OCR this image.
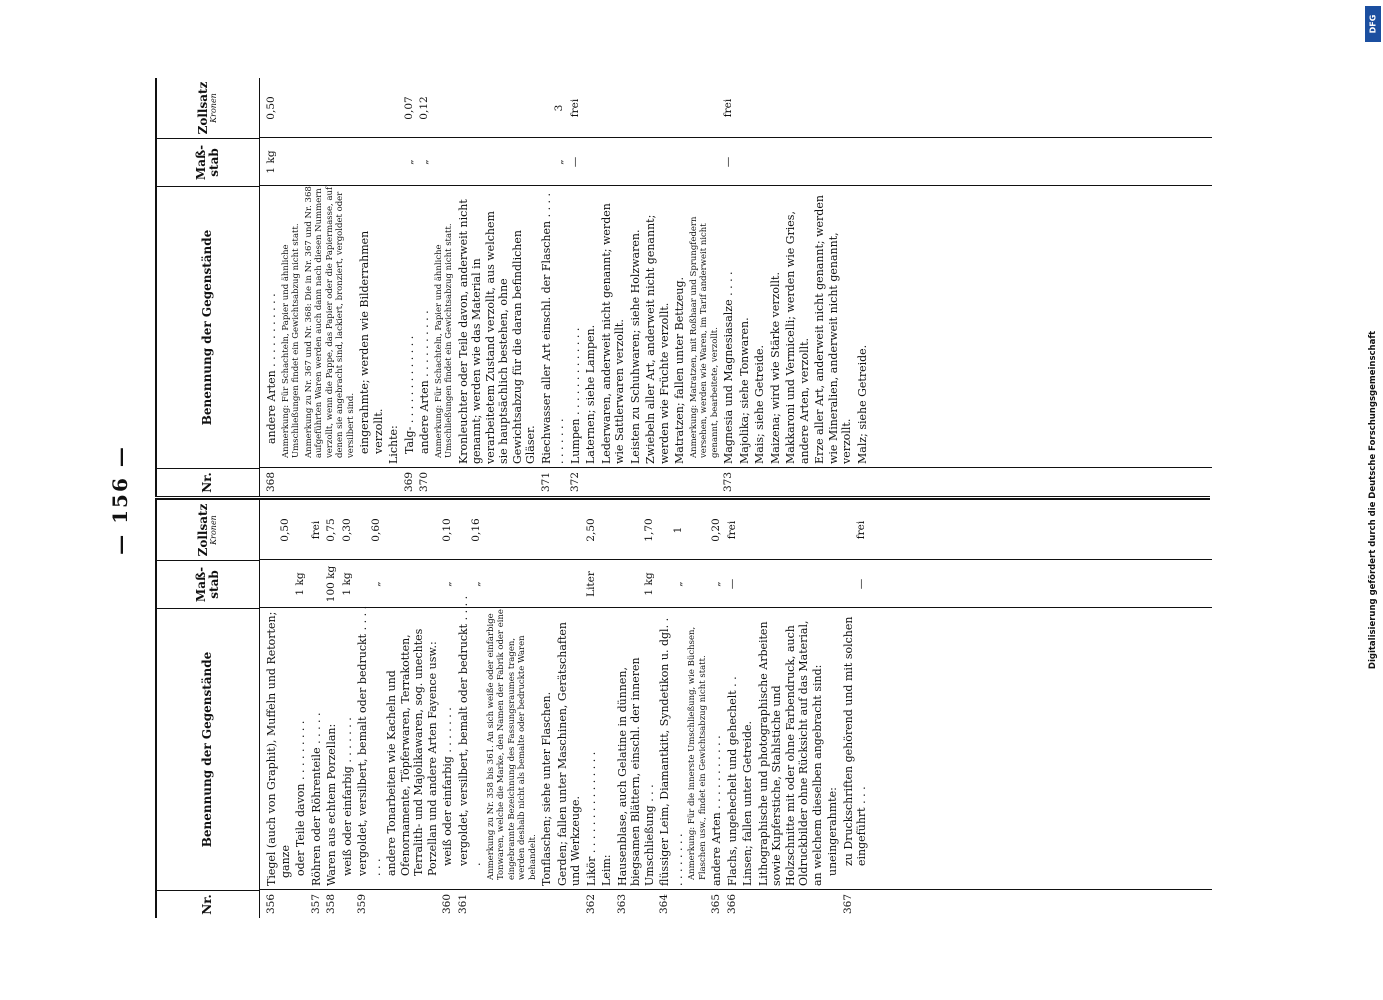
— 156 —
Nr.
Benennung der Gegenstände
Maß-
stab
Zollsatz Kronen
356
Tiegel (auch von Graphit), Muffeln und Retorten; ganze
0,50
oder Teile davon . . . . . . . . .
1 kg
357
Röhren oder Röhrenteile . . . . .
frei
358
Waren aus echtem Porzellan:
100 kg
0,75
weiß oder einfarbig . . . . . . .
1 kg
0,30
359
vergoldet, versilbert, bemalt oder bedruckt . . . . . . .
„
0,60
andere Tonarbeiten wie Kacheln und Ofenornamente, Töpferwaren, Terrakotten, Terralith- und Majolikawaren, sog. unechtes Porzellan und andere Arten Fayence usw.:
360
weiß oder einfarbig . . . . . . .
„
0,10
361
vergoldet, versilbert, bemalt oder bedruckt . . . . .
„
0,16
Anmerkung zu Nr. 358 bis 361. An sich weiße oder einfarbige Tonwaren, welche die Marke, den Namen der Fabrik oder eine eingebrannte Bezeichnung des Fassungsraumes tragen, werden deshalb nicht als bemalte oder bedruckte Waren behandelt. Tonflaschen; siehe unter Flaschen. Gerden; fallen unter Maschinen, Gerätschaften und Werkzeuge.
362
Likör . . . . . . . . . . . . . . .
Liter
2,50
Leim:
363
Hausenblase, auch Gelatine in dünnen, biegsamen Blättern, einschl. der inneren Umschließung . . .
1 kg
1,70
364
flüssiger Leim, Diamantkitt, Syndetikon u. dgl. . . . . . . . . .
„
1
Anmerkung: Für die innerste Umschließung, wie Büchsen, Flaschen usw., findet ein Gewichtsabzug nicht statt.
365
andere Arten . . . . . . . . . . .
„
0,20
366
Flachs, ungehechelt und gehechelt . .
—
frei
Linsen; fallen unter Getreide. Lithographische und photographische Arbeiten sowie Kupferstiche, Stahlstiche und Holzschnitte mit oder ohne Farbendruck, auch Oldruckbilder ohne Rücksicht auf das Material, an welchem dieselben angebracht sind: uneingerahmte:
367
zu Druckschriften gehörend und mit solchen eingeführt . . .
—
frei
Nr.
Benennung der Gegenstände
Maß-
stab
Zollsatz Kronen
368
andere Arten . . . . . . . . . . .
1 kg
0,50
Anmerkung: Für Schachteln, Papier und ähnliche Umschließungen findet ein Gewichtsabzug nicht statt. Anmerkung zu Nr. 367 und Nr. 368: Die in Nr. 367 und Nr. 368 aufgeführten Waren werden auch dann nach diesen Nummern verzollt, wenn die Pappe, das Papier oder die Papiermasse, auf denen sie angebracht sind, lackiert, bronziert, vergoldet oder versilbert sind. eingerahmte; werden wie Bilderrahmen verzollt. Lichte:
369
Talg- . . . . . . . . . . . . .
„
0,07
370
andere Arten . . . . . . . . . .
„
0,12
Anmerkung: Für Schachteln, Papier und ähnliche Umschließungen findet ein Gewichtsabzug nicht statt. Kronleuchter oder Teile davon, anderweit nicht genannt; werden wie das Material in verarbeitetem Zustand verzollt, aus welchem sie hauptsächlich bestehen, ohne Gewichtsabzug für die daran befindlichen Gläser.
371
Riechwasser aller Art einschl. der Flaschen . . . . . . . . . . .
„
3
372
Lumpen . . . . . . . . . . . . .
—
frei
Laternen; siehe Lampen. Lederwaren, anderweit nicht genannt; werden wie Sattlerwaren verzollt. Leisten zu Schuhwaren; siehe Holzwaren. Zwiebeln aller Art, anderweit nicht genannt; werden wie Früchte verzollt. Matratzen; fallen unter Bettzeug. Anmerkung: Matratzen, mit Roßhaar und Sprungfedern versehen, werden wie Waren, im Tarif anderweit nicht genannt, bearbeitete, verzollt.
373
Magnesia und Magnesiasalze . . . .
—
frei
Majolika; siehe Tonwaren. Mais; siehe Getreide. Maizena; wird wie Stärke verzollt. Makkaroni und Vermicelli; werden wie Gries, andere Arten, verzollt. Erze aller Art, anderweit nicht genannt; werden wie Mineralien, anderweit nicht genannt, verzollt. Malz; siehe Getreide.	Digitalisierung gefördert durch die Deutsche Forschungsgemeinschaft
DFG
